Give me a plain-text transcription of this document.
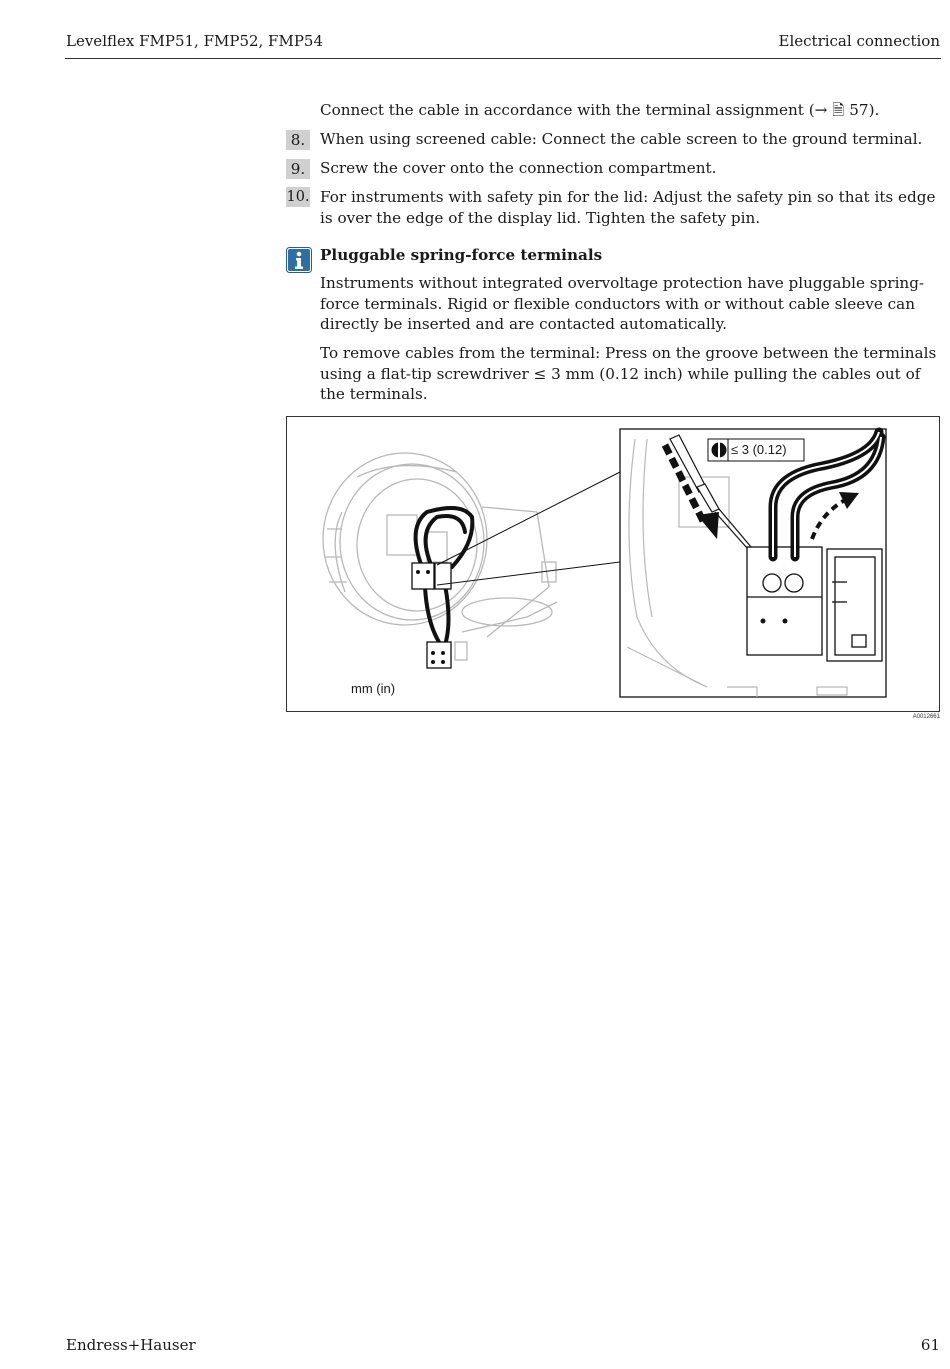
Levelflex FMP51, FMP52, FMP54	Electrical connection
Connect the cable in accordance with the terminal assignment (→ 🗎 57).
8. When using screened cable: Connect the cable screen to the ground terminal.
9. Screw the cover onto the connection compartment.
10. For instruments with safety pin for the lid: Adjust the safety pin so that its edge is over the edge of the display lid. Tighten the safety pin.
Pluggable spring-force terminals
Instruments without integrated overvoltage protection have pluggable spring-force terminals. Rigid or flexible conductors with or without cable sleeve can directly be inserted and are contacted automatically.
To remove cables from the terminal: Press on the groove between the terminals using a flat-tip screwdriver ≤ 3 mm (0.12 inch) while pulling the cables out of the terminals.
≤ 3 (0.12)
mm (in)
A0012661
Endress+Hauser	61
